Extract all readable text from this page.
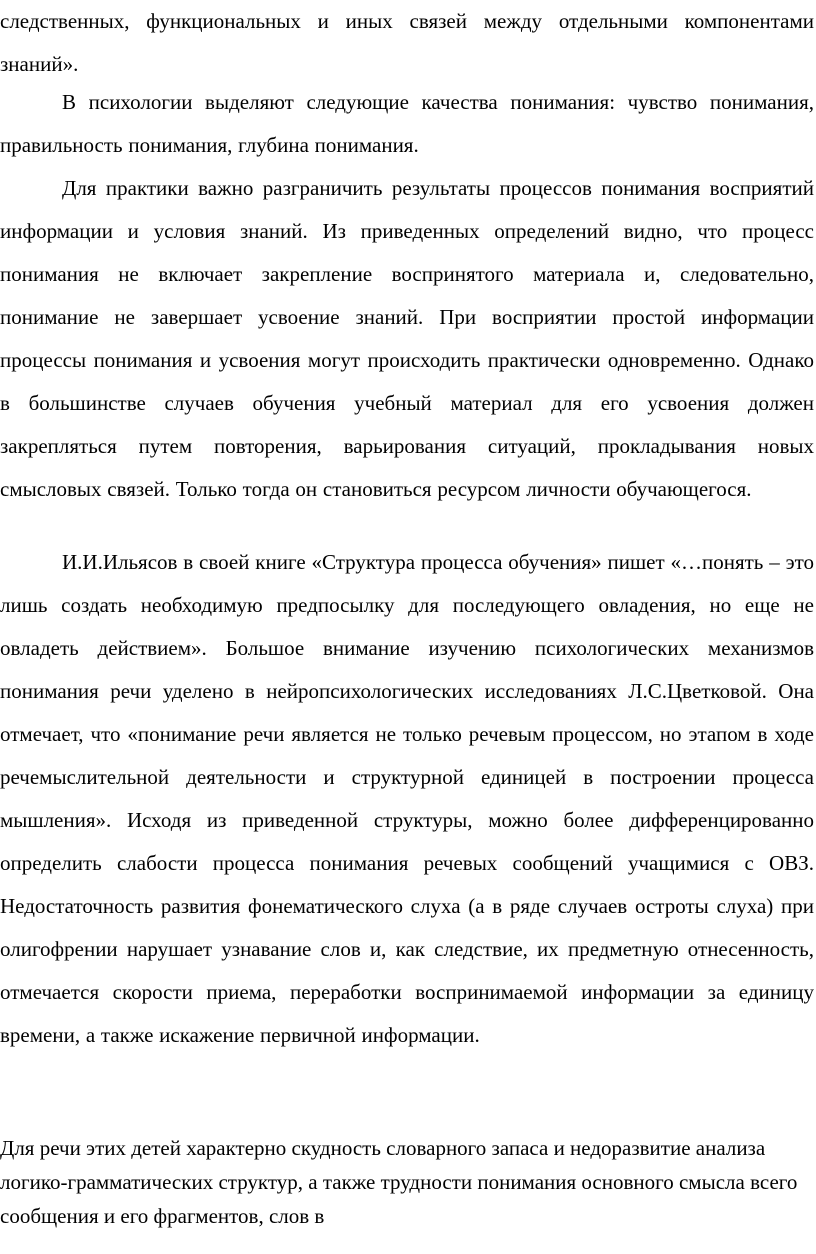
следственных, функциональных и иных связей между отдельными компонентами знаний».

В психологии выделяют следующие качества понимания: чувство понимания, правильность понимания, глубина понимания.

Для практики важно разграничить результаты процессов понимания восприятий информации и условия знаний. Из приведенных определений видно, что процесс понимания не включает закрепление воспринятого материала и, следовательно, понимание не завершает усвоение знаний. При восприятии простой информации процессы понимания и усвоения могут происходить практически одновременно. Однако в большинстве случаев обучения учебный материал для его усвоения должен закрепляться путем повторения, варьирования ситуаций, прокладывания новых смысловых связей. Только тогда он становиться ресурсом личности обучающегося.

И.И.Ильясов в своей книге «Структура процесса обучения» пишет «…понять – это лишь создать необходимую предпосылку для последующего овладения, но еще не овладеть действием». Большое внимание изучению психологических механизмов понимания речи уделено в нейропсихологических исследованиях Л.С.Цветковой. Она отмечает, что «понимание речи является не только речевым процессом, но этапом в ходе речемыслительной деятельности и структурной единицей в построении процесса мышления». Исходя из приведенной структуры, можно более дифференцированно определить слабости процесса понимания речевых сообщений учащимися с ОВЗ. Недостаточность развития фонематического слуха (а в ряде случаев остроты слуха) при олигофрении нарушает узнавание слов и, как следствие, их предметную отнесенность, отмечается скорости приема, переработки воспринимаемой информации за единицу времени, а также искажение первичной информации.

Для речи этих детей характерно скудность словарного запаса и недоразвитие анализа логико-грамматических структур, а также трудности понимания основного смысла всего сообщения и его фрагментов, слов в
